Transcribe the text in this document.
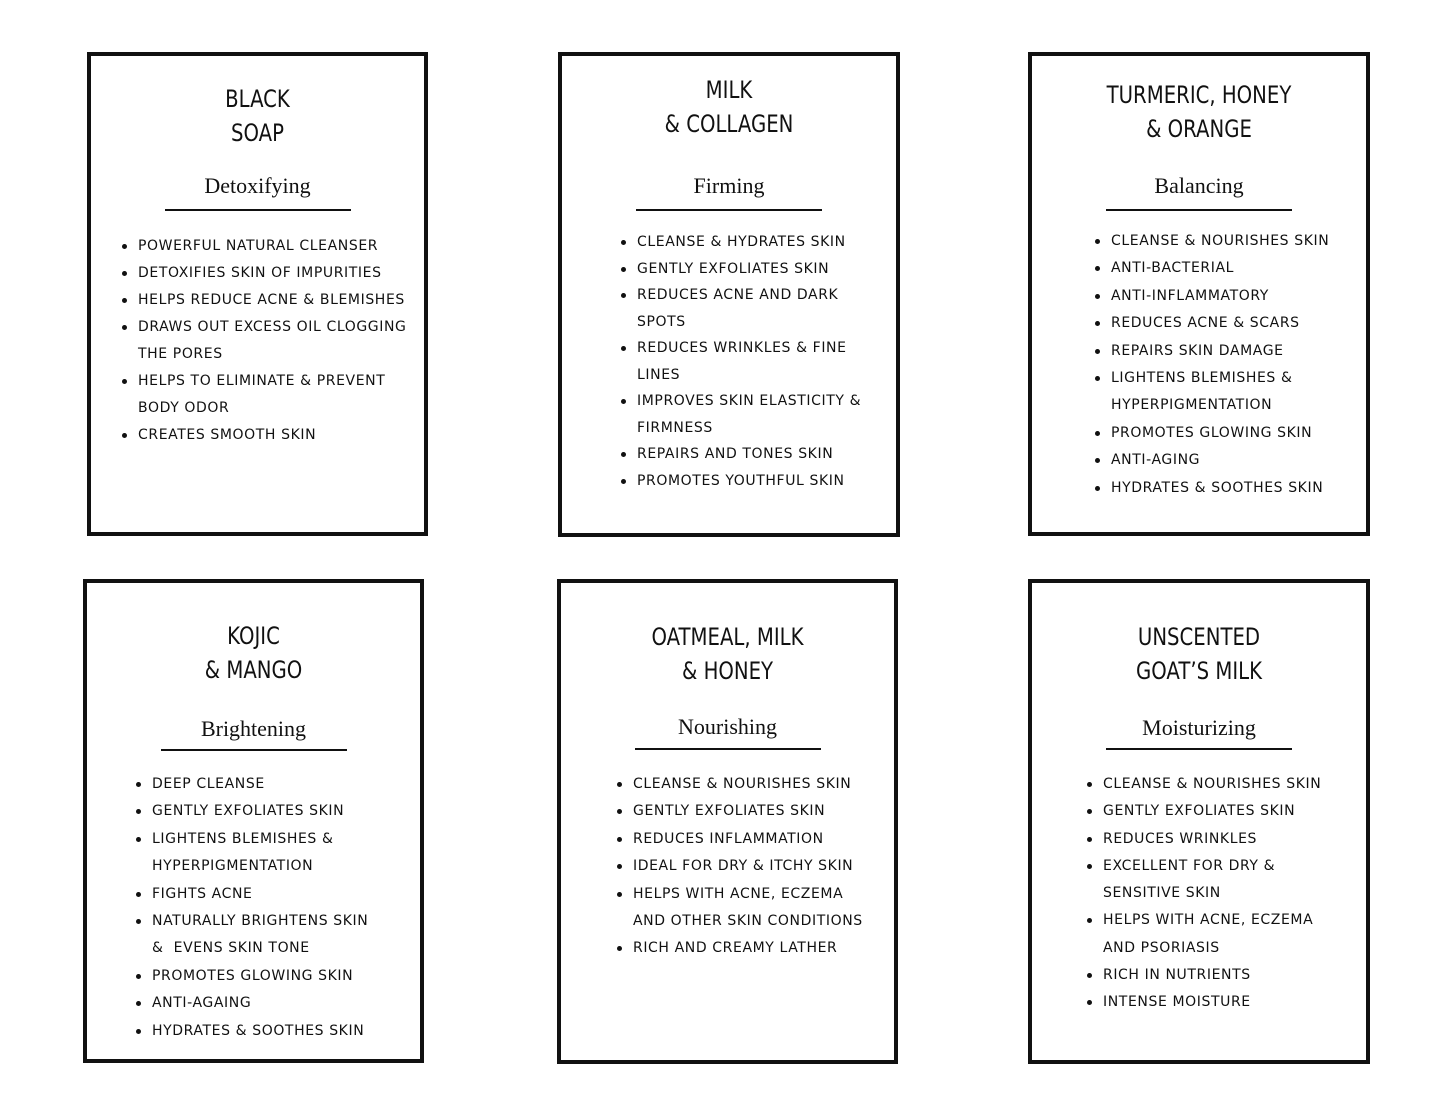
BLACK
SOAP
Detoxifying
POWERFUL NATURAL CLEANSER
DETOXIFIES SKIN OF IMPURITIES
HELPS REDUCE ACNE & BLEMISHES
DRAWS OUT EXCESS OIL CLOGGING
THE PORES
HELPS TO ELIMINATE & PREVENT
BODY ODOR
CREATES SMOOTH SKIN
MILK
& COLLAGEN
Firming
CLEANSE & HYDRATES SKIN
GENTLY EXFOLIATES SKIN
REDUCES ACNE AND DARK
SPOTS
REDUCES WRINKLES & FINE
LINES
IMPROVES SKIN ELASTICITY &
FIRMNESS
REPAIRS AND TONES SKIN
PROMOTES YOUTHFUL SKIN
TURMERIC, HONEY
& ORANGE
Balancing
CLEANSE & NOURISHES SKIN
ANTI-BACTERIAL
ANTI-INFLAMMATORY
REDUCES ACNE & SCARS
REPAIRS SKIN DAMAGE
LIGHTENS BLEMISHES &
HYPERPIGMENTATION
PROMOTES GLOWING SKIN
ANTI-AGING
HYDRATES & SOOTHES SKIN
KOJIC
& MANGO
Brightening
DEEP CLEANSE
GENTLY EXFOLIATES SKIN
LIGHTENS BLEMISHES &
HYPERPIGMENTATION
FIGHTS ACNE
NATURALLY BRIGHTENS SKIN
&  EVENS SKIN TONE
PROMOTES GLOWING SKIN
ANTI-AGAING
HYDRATES & SOOTHES SKIN
OATMEAL, MILK
& HONEY
Nourishing
CLEANSE & NOURISHES SKIN
GENTLY EXFOLIATES SKIN
REDUCES INFLAMMATION
IDEAL FOR DRY & ITCHY SKIN
HELPS WITH ACNE, ECZEMA
AND OTHER SKIN CONDITIONS
RICH AND CREAMY LATHER
UNSCENTED
GOAT’S MILK
Moisturizing
CLEANSE & NOURISHES SKIN
GENTLY EXFOLIATES SKIN
REDUCES WRINKLES
EXCELLENT FOR DRY &
SENSITIVE SKIN
HELPS WITH ACNE, ECZEMA
AND PSORIASIS
RICH IN NUTRIENTS
INTENSE MOISTURE
